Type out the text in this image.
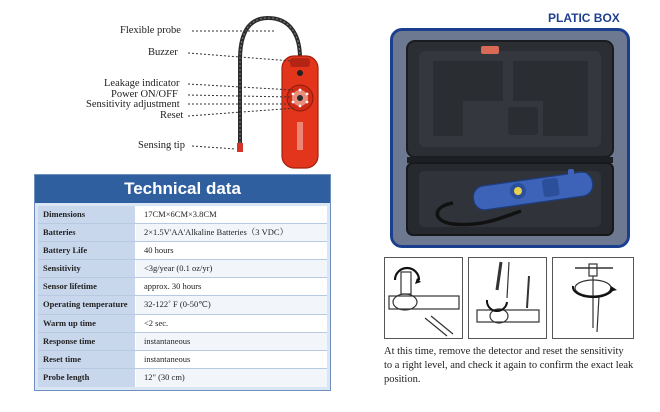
Flexible probe
Buzzer
Leakage indicator
Power ON/OFF
Sensitivity adjustment
Reset
Sensing tip
Technical data
Dimensions	17CM×6CM×3.8CM
Batteries	2×1.5V'AA'Alkaline Batteries（3 VDC）
Battery Life	40 hours
Sensitivity	<3g/year (0.1 oz/yr)
Sensor lifetime	approx. 30 hours
Operating temperature	32-122˚ F (0-50℃)
Warm up time	<2 sec.
Response time	instantaneous
Reset time	instantaneous
Probe length	12" (30 cm)
PLATIC BOX
At this time, remove the detector and reset the sensitivity to a right level, and check it again to confirm the exact leak position.
